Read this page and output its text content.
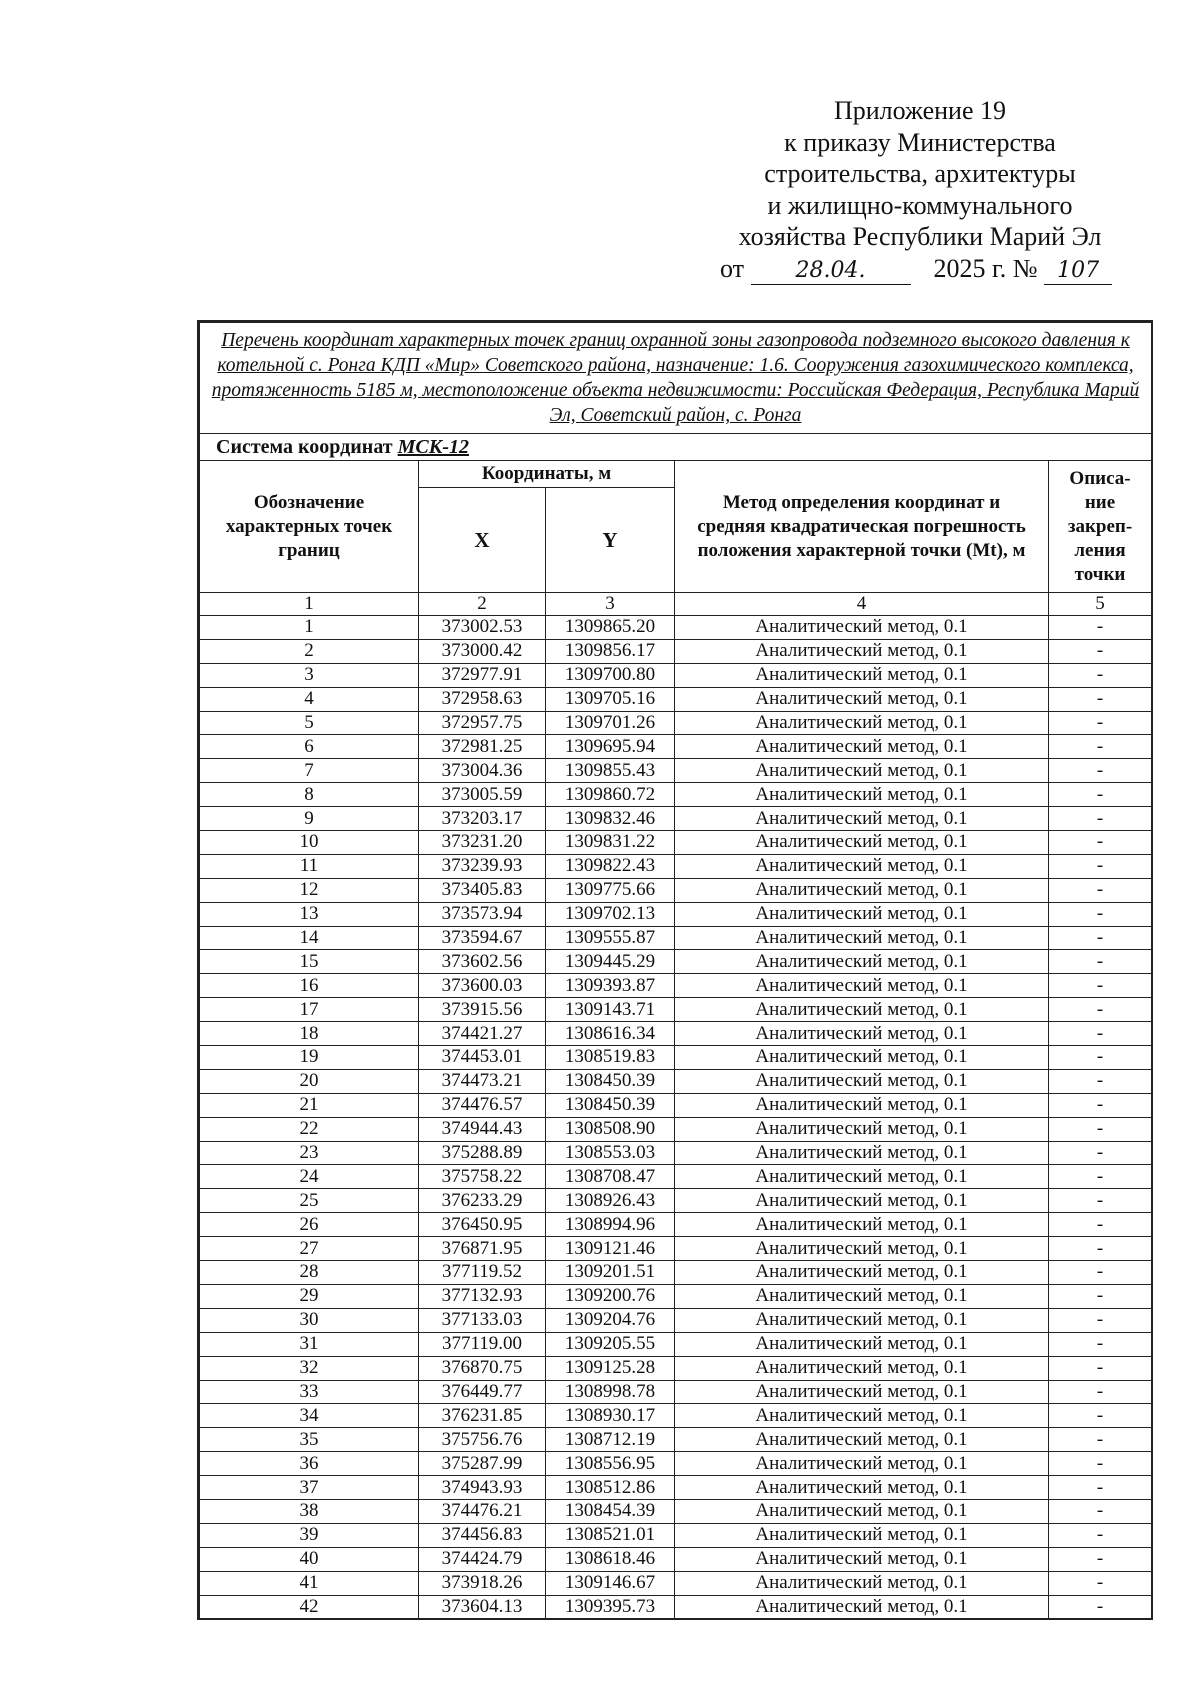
Приложение 19
к приказу Министерства
строительства, архитектуры
и жилищно-коммунального
хозяйства Республики Марий Эл
от 28.04.	2025 г. № 107
Перечень координат характерных точек границ охранной зоны газопровода подземного высокого давления к котельной с. Ронга КДП «Мир» Советского района, назначение: 1.6. Сооружения газохимического комплекса, протяженность 5185 м, местоположение объекта недвижимости: Российская Федерация, Республика Марий Эл, Советский район, с. Ронга				
Система координат МСК-12				
Обозначение характерных точек границ	Координаты, м		Метод определения координат и средняя квадратическая погрешность положения характерной точки (Mt), м	Описа-ние закреп-ления точки
	X	Y		
1	2	3	4	5
1	373002.53	1309865.20	Аналитический метод, 0.1	-
2	373000.42	1309856.17	Аналитический метод, 0.1	-
3	372977.91	1309700.80	Аналитический метод, 0.1	-
4	372958.63	1309705.16	Аналитический метод, 0.1	-
5	372957.75	1309701.26	Аналитический метод, 0.1	-
6	372981.25	1309695.94	Аналитический метод, 0.1	-
7	373004.36	1309855.43	Аналитический метод, 0.1	-
8	373005.59	1309860.72	Аналитический метод, 0.1	-
9	373203.17	1309832.46	Аналитический метод, 0.1	-
10	373231.20	1309831.22	Аналитический метод, 0.1	-
11	373239.93	1309822.43	Аналитический метод, 0.1	-
12	373405.83	1309775.66	Аналитический метод, 0.1	-
13	373573.94	1309702.13	Аналитический метод, 0.1	-
14	373594.67	1309555.87	Аналитический метод, 0.1	-
15	373602.56	1309445.29	Аналитический метод, 0.1	-
16	373600.03	1309393.87	Аналитический метод, 0.1	-
17	373915.56	1309143.71	Аналитический метод, 0.1	-
18	374421.27	1308616.34	Аналитический метод, 0.1	-
19	374453.01	1308519.83	Аналитический метод, 0.1	-
20	374473.21	1308450.39	Аналитический метод, 0.1	-
21	374476.57	1308450.39	Аналитический метод, 0.1	-
22	374944.43	1308508.90	Аналитический метод, 0.1	-
23	375288.89	1308553.03	Аналитический метод, 0.1	-
24	375758.22	1308708.47	Аналитический метод, 0.1	-
25	376233.29	1308926.43	Аналитический метод, 0.1	-
26	376450.95	1308994.96	Аналитический метод, 0.1	-
27	376871.95	1309121.46	Аналитический метод, 0.1	-
28	377119.52	1309201.51	Аналитический метод, 0.1	-
29	377132.93	1309200.76	Аналитический метод, 0.1	-
30	377133.03	1309204.76	Аналитический метод, 0.1	-
31	377119.00	1309205.55	Аналитический метод, 0.1	-
32	376870.75	1309125.28	Аналитический метод, 0.1	-
33	376449.77	1308998.78	Аналитический метод, 0.1	-
34	376231.85	1308930.17	Аналитический метод, 0.1	-
35	375756.76	1308712.19	Аналитический метод, 0.1	-
36	375287.99	1308556.95	Аналитический метод, 0.1	-
37	374943.93	1308512.86	Аналитический метод, 0.1	-
38	374476.21	1308454.39	Аналитический метод, 0.1	-
39	374456.83	1308521.01	Аналитический метод, 0.1	-
40	374424.79	1308618.46	Аналитический метод, 0.1	-
41	373918.26	1309146.67	Аналитический метод, 0.1	-
42	373604.13	1309395.73	Аналитический метод, 0.1	-
